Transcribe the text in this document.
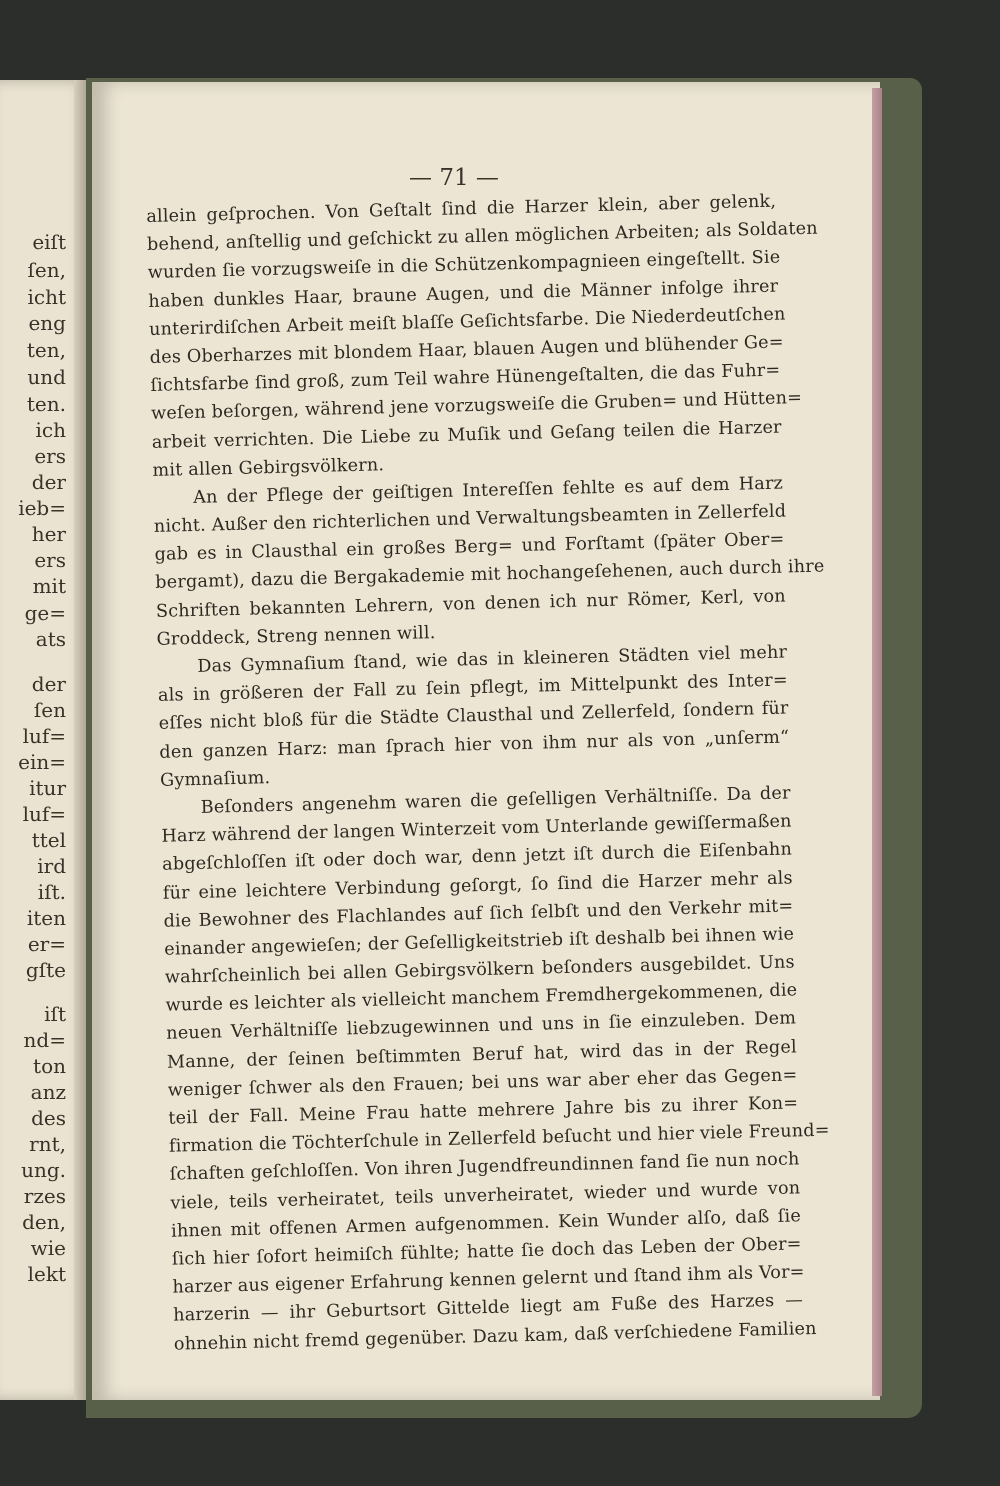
eiſt
ſen,
icht
eng
ten,
und
ten.
ich
ers
der
ieb=
her
ers
mit
ge=
ats
der
ſen
luf=
ein=
itur
luf=
ttel
ird
iſt.
iten
er=
gſte
iſt
nd=
ton
anz
des
rnt,
ung.
rzes
den,
wie
lekt
— 71 —
allein geſprochen. Von Geſtalt ſind die Harzer klein, aber gelenk,
behend, anſtellig und geſchickt zu allen möglichen Arbeiten; als Soldaten
wurden ſie vorzugsweiſe in die Schützenkompagnieen eingeſtellt. Sie
haben dunkles Haar, braune Augen, und die Männer infolge ihrer
unterirdiſchen Arbeit meiſt blaſſe Geſichtsfarbe. Die Niederdeutſchen
des Oberharzes mit blondem Haar, blauen Augen und blühender Ge=
ſichtsfarbe ſind groß, zum Teil wahre Hünengeſtalten, die das Fuhr=
weſen beſorgen, während jene vorzugsweiſe die Gruben= und Hütten=
arbeit verrichten. Die Liebe zu Muſik und Geſang teilen die Harzer
mit allen Gebirgsvölkern.
An der Pflege der geiſtigen Intereſſen fehlte es auf dem Harz
nicht. Außer den richterlichen und Verwaltungsbeamten in Zellerfeld
gab es in Clausthal ein großes Berg= und Forſtamt (ſpäter Ober=
bergamt), dazu die Bergakademie mit hochangeſehenen, auch durch ihre
Schriften bekannten Lehrern, von denen ich nur Römer, Kerl, von
Groddeck, Streng nennen will.
Das Gymnaſium ſtand, wie das in kleineren Städten viel mehr
als in größeren der Fall zu ſein pflegt, im Mittelpunkt des Inter=
eſſes nicht bloß für die Städte Clausthal und Zellerfeld, ſondern für
den ganzen Harz: man ſprach hier von ihm nur als von „unſerm“
Gymnaſium.
Beſonders angenehm waren die geſelligen Verhältniſſe. Da der
Harz während der langen Winterzeit vom Unterlande gewiſſermaßen
abgeſchloſſen iſt oder doch war, denn jetzt iſt durch die Eiſenbahn
für eine leichtere Verbindung geſorgt, ſo ſind die Harzer mehr als
die Bewohner des Flachlandes auf ſich ſelbſt und den Verkehr mit=
einander angewieſen; der Geſelligkeitstrieb iſt deshalb bei ihnen wie
wahrſcheinlich bei allen Gebirgsvölkern beſonders ausgebildet. Uns
wurde es leichter als vielleicht manchem Fremdhergekommenen, die
neuen Verhältniſſe liebzugewinnen und uns in ſie einzuleben. Dem
Manne, der ſeinen beſtimmten Beruf hat, wird das in der Regel
weniger ſchwer als den Frauen; bei uns war aber eher das Gegen=
teil der Fall. Meine Frau hatte mehrere Jahre bis zu ihrer Kon=
firmation die Töchterſchule in Zellerfeld beſucht und hier viele Freund=
ſchaften geſchloſſen. Von ihren Jugendfreundinnen fand ſie nun noch
viele, teils verheiratet, teils unverheiratet, wieder und wurde von
ihnen mit offenen Armen aufgenommen. Kein Wunder alſo, daß ſie
ſich hier ſofort heimiſch fühlte; hatte ſie doch das Leben der Ober=
harzer aus eigener Erfahrung kennen gelernt und ſtand ihm als Vor=
harzerin — ihr Geburtsort Gittelde liegt am Fuße des Harzes —
ohnehin nicht fremd gegenüber. Dazu kam, daß verſchiedene Familien
